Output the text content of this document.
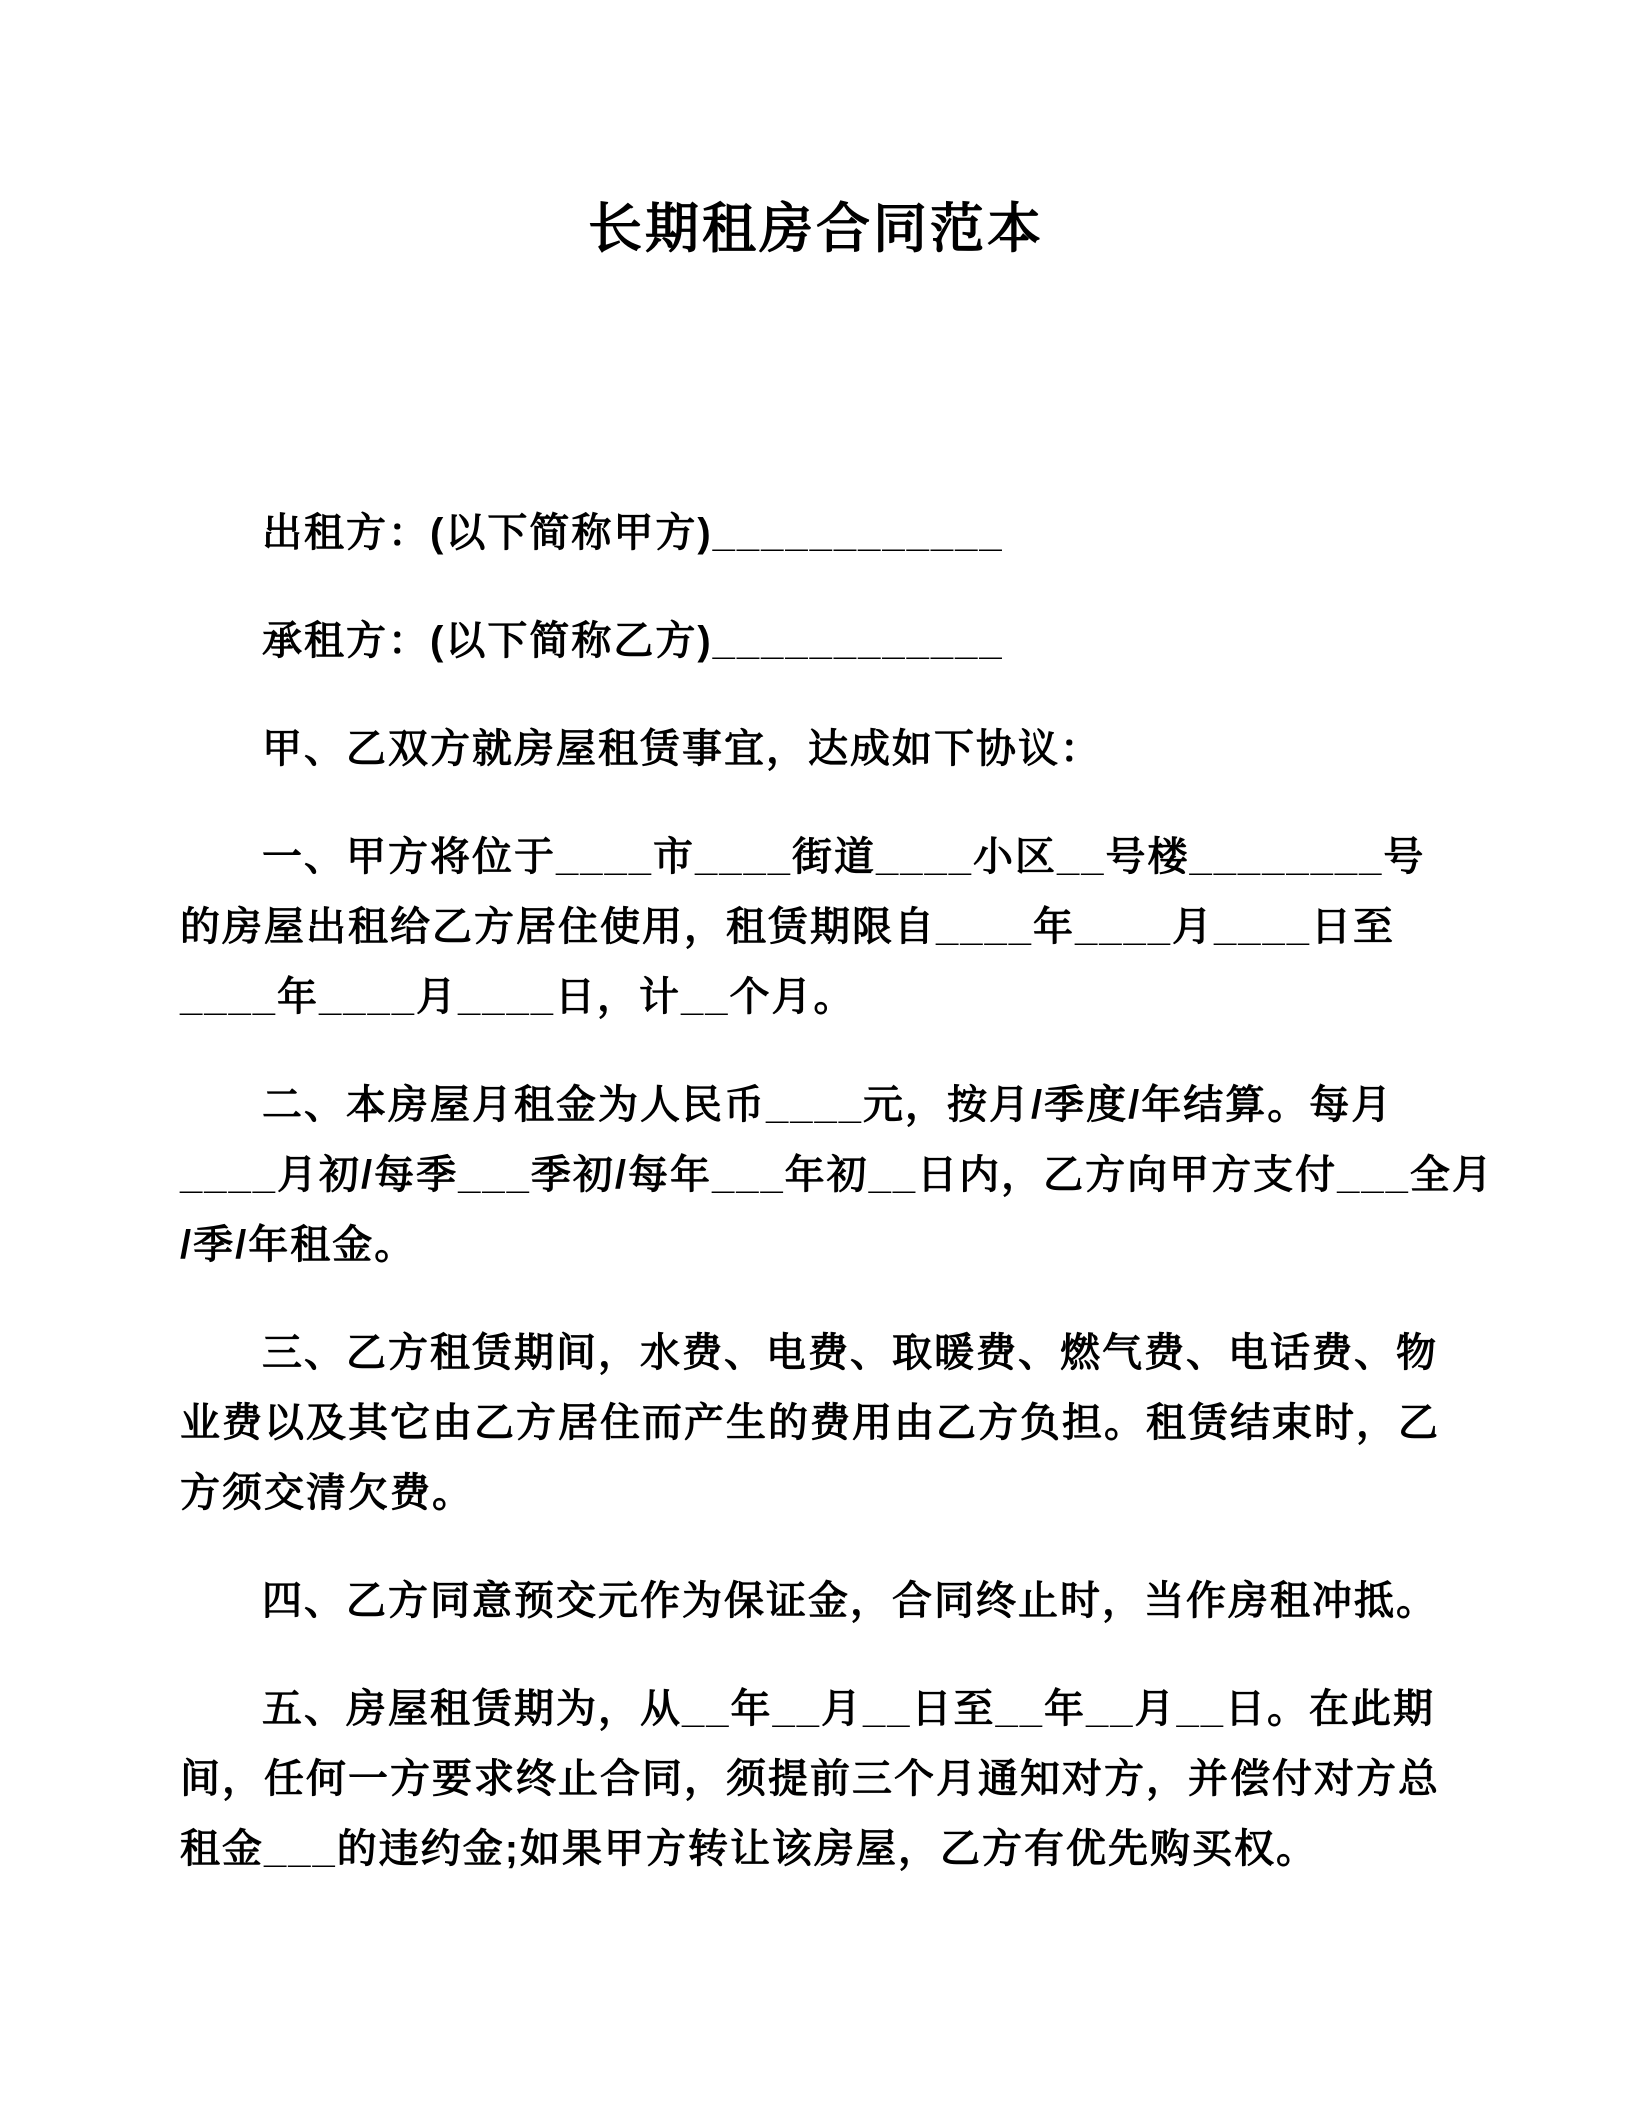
长期租房合同范本

出租方：(以下简称甲方)____________

承租方：(以下简称乙方)____________

甲、乙双方就房屋租赁事宜，达成如下协议：

一、甲方将位于____市____街道____小区__号楼________号
的房屋出租给乙方居住使用，租赁期限自____年____月____日至
____年____月____日，计__个月。

二、本房屋月租金为人民币____元，按月/季度/年结算。每月
____月初/每季___季初/每年___年初__日内，乙方向甲方支付___全月
/季/年租金。

三、乙方租赁期间，水费、电费、取暖费、燃气费、电话费、物
业费以及其它由乙方居住而产生的费用由乙方负担。租赁结束时，乙
方须交清欠费。

四、乙方同意预交元作为保证金，合同终止时，当作房租冲抵。

五、房屋租赁期为，从__年__月__日至__年__月__日。在此期
间，任何一方要求终止合同，须提前三个月通知对方，并偿付对方总
租金___的违约金;如果甲方转让该房屋，乙方有优先购买权。
